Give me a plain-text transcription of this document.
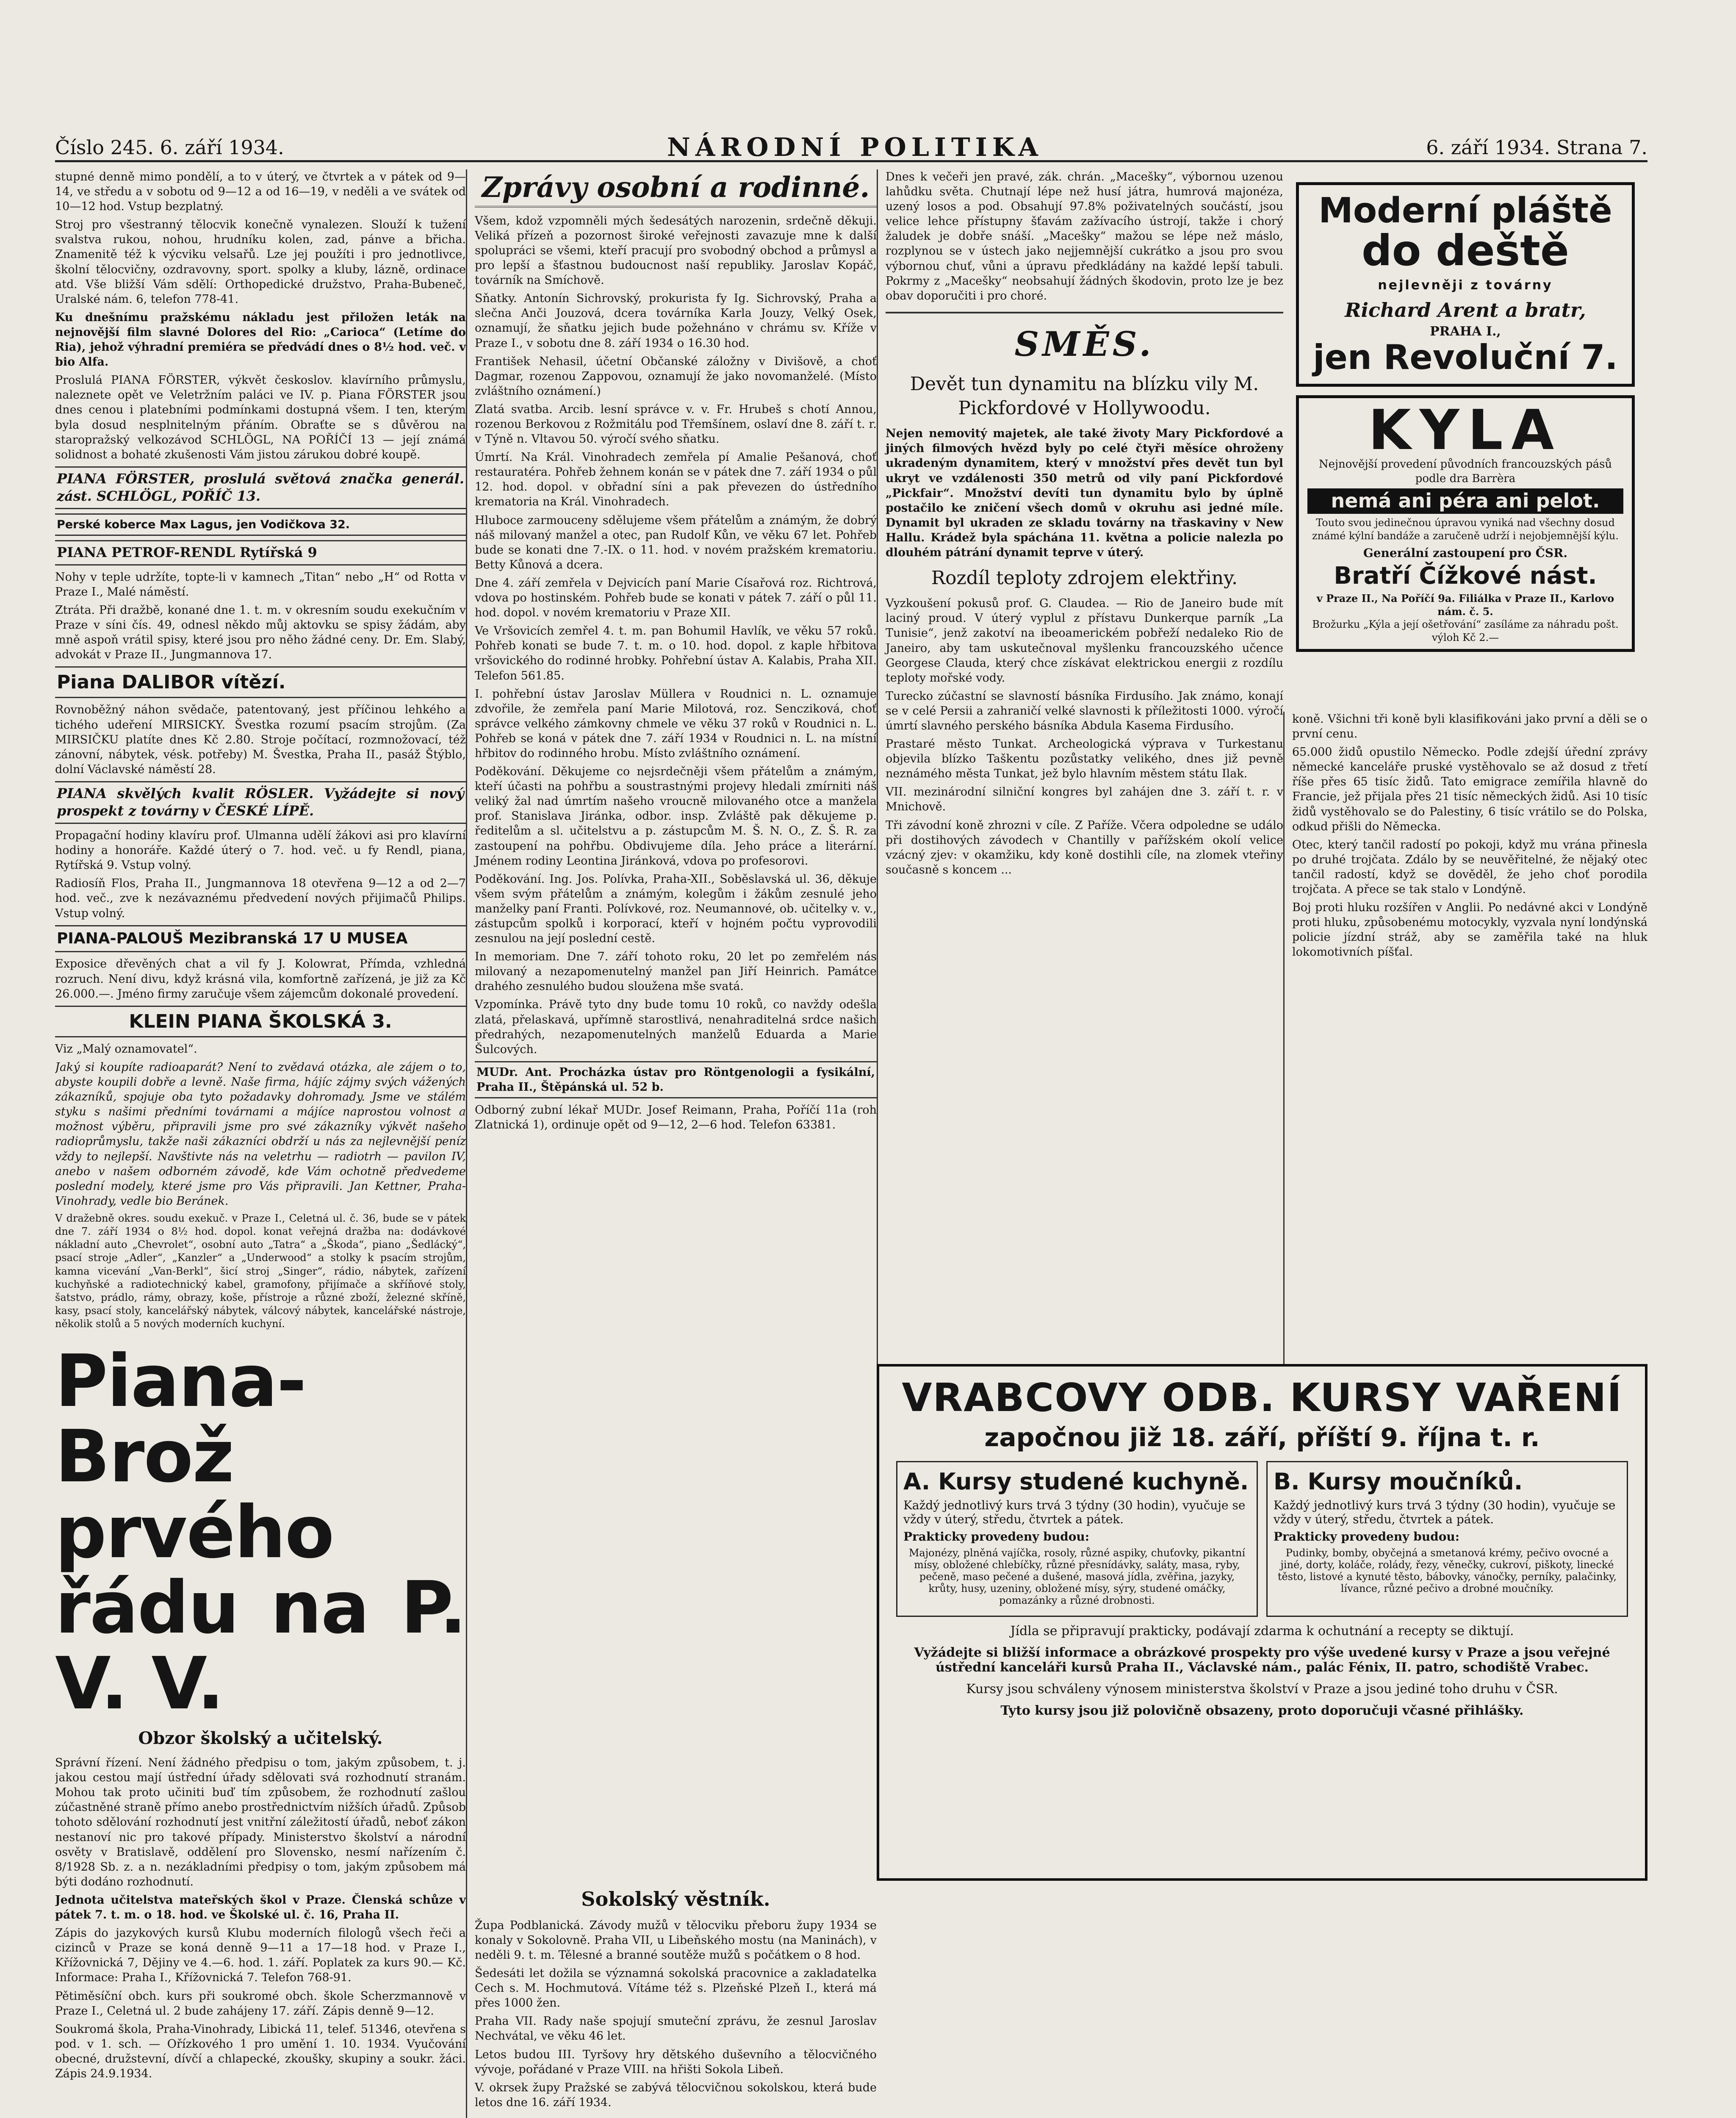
Číslo 245. 6. září 1934.	NÁRODNÍ POLITIKA	6. září 1934. Strana 7.

stupné denně mimo pondělí, a to v úterý, ve čtvrtek a v pátek od 9—14, ve středu a v sobotu od 9—12 a od 16—19, v neděli a ve svátek od 10—12 hod. Vstup bezplatný.

Stroj pro všestranný tělocvik konečně vynalezen. Slouží k tužení svalstva rukou, nohou, hrudníku kolen, zad, pánve a břicha. Znamenitě též k výcviku velsařů. Lze jej použíti i pro jednotlivce, školní tělocvičny, ozdravovny, sport. spolky a kluby, lázně, ordinace atd. Vše bližší Vám sdělí: Orthopedické družstvo, Praha-Bubeneč, Uralské nám. 6, telefon 778-41.

Ku dnešnímu pražskému nákladu jest přiložen leták na nejnovější film slavné Dolores del Rio: „Carioca“ (Letíme do Ria), jehož výhradní premiéra se předvádí dnes o 8½ hod. več. v bio Alfa.

Proslulá PIANA FÖRSTER, výkvět českoslov. klavírního průmyslu, naleznete opět ve Veletržním paláci ve IV. p. Piana FÖRSTER jsou dnes cenou i platebními podmínkami dostupná všem. I ten, kterým byla dosud nesplnitelným přáním. Obraťte se s důvěrou na staropražský velkozávod SCHLÖGL, NA POŘÍČÍ 13 — její známá solidnost a bohaté zkušenosti Vám jistou zárukou dobré koupě.

PIANA FÖRSTER, proslulá světová značka generál. zást. SCHLÖGL, POŘÍČ 13.
Perské koberce Max Lagus, jen Vodičkova 32.
PIANA PETROF-RENDL Rytířská 9

Nohy v teple udržíte, topte-li v kamnech „Titan“ nebo „H“ od Rotta v Praze I., Malé náměstí.

Ztráta. Při dražbě, konané dne 1. t. m. v okresním soudu exekučním v Praze v síni čís. 49, odnesl někdo můj aktovku se spisy žádám, aby mně aspoň vrátil spisy, které jsou pro něho žádné ceny. Dr. Em. Slabý, advokát v Praze II., Jungmannova 17.

Piana DALIBOR vítězí.

Rovnoběžný náhon svědače, patentovaný, jest příčinou lehkého a tichého udeření MIRSICKY. Švestka rozumí psacím strojům. (Za MIRSIČKU platíte dnes Kč 2.80. Stroje počítací, rozmnožovací, též zánovní, nábytek, vésk. potřeby) M. Švestka, Praha II., pasáž Štýblo, dolní Václavské náměstí 28.

PIANA skvělých kvalit RÖSLER. Vyžádejte si nový prospekt z továrny v ČESKÉ LÍPĚ.

Propagační hodiny klavíru prof. Ulmanna udělí žákovi asi pro klavírní hodiny a honoráře. Každé úterý o 7. hod. več. u fy Rendl, piana, Rytířská 9. Vstup volný.

Radiosíň Flos, Praha II., Jungmannova 18 otevřena 9—12 a od 2—7 hod. več., zve k nezávaznému předvedení nových přijimačů Philips. Vstup volný.

PIANA-PALOUŠ Mezibranská 17 U MUSEA

Exposice dřevěných chat a vil fy J. Kolowrat, Přímda, vzhledná rozruch. Není divu, když krásná vila, komfortně zařízená, je již za Kč 26.000.—. Jméno firmy zaručuje všem zájemcům dokonalé provedení.

KLEIN PIANA ŠKOLSKÁ 3.

Viz „Malý oznamovatel“.

Jaký si koupíte radioaparát? Není to zvědavá otázka, ale zájem o to, abyste koupili dobře a levně. Naše firma, hájíc zájmy svých vážených zákazníků, spojuje oba tyto požadavky dohromady. Jsme ve stálém styku s našimi předními továrnami a májíce naprostou volnost a možnost výběru, připravili jsme pro své zákazníky výkvět našeho radioprůmyslu, takže naši zákazníci obdrží u nás za nejlevnější peníz vždy to nejlepší. Navštivte nás na veletrhu — radiotrh — pavilon IV, anebo v našem odborném závodě, kde Vám ochotně předvedeme poslední modely, které jsme pro Vás připravili. Jan Kettner, Praha-Vinohrady, vedle bio Beránek.

V dražebně okres. soudu exekuč. v Praze I., Celetná ul. č. 36, bude se v pátek dne 7. září 1934 o 8½ hod. dopol. konat veřejná dražba na: dodávkové nákladní auto „Chevrolet“, osobní auto „Tatra“ a „Škoda“, piano „Šedlácký“, psací stroje „Adler“, „Kanzler“ a „Underwood“ a stolky k psacím strojům, kamna vicevání „Van-Berkl“, šicí stroj „Singer“, rádio, nábytek, zařízení kuchyňské a radiotechnický kabel, gramofony, přijímače a skříňové stoly, šatstvo, prádlo, rámy, obrazy, koše, přístroje a různé zboží, železné skříně, kasy, psací stoly, kancelářský nábytek, válcový nábytek, kancelářské nástroje, několik stolů a 5 nových moderních kuchyní.

Piana-Brož prvého řádu na P. V. V.
Obzor školský a učitelský.

Správní řízení. Není žádného předpisu o tom, jakým způsobem, t. j. jakou cestou mají ústřední úřady sdělovati svá rozhodnutí stranám. Mohou tak proto učiniti buď tím způsobem, že rozhodnutí zašlou zúčastněné straně přímo anebo prostřednictvím nižších úřadů. Způsob tohoto sdělování rozhodnutí jest vnitřní záležitostí úřadů, neboť zákon nestanoví nic pro takové případy. Ministerstvo školství a národní osvěty v Bratislavě, oddělení pro Slovensko, nesmí nařízením č. 8/1928 Sb. z. a n. nezákladními předpisy o tom, jakým způsobem má býti dodáno rozhodnutí.

Jednota učitelstva mateřských škol v Praze. Členská schůze v pátek 7. t. m. o 18. hod. ve Školské ul. č. 16, Praha II.

Zápis do jazykových kursů Klubu moderních filologů všech řeči a cizinců v Praze se koná denně 9—11 a 17—18 hod. v Praze I., Křížovnická 7, Dějiny ve 4.—6. hod. 1. září. Poplatek za kurs 90.— Kč. Informace: Praha I., Křížovnická 7. Telefon 768-91.

Pětiměsíční obch. kurs při soukromé obch. škole Scherzmannově v Praze I., Celetná ul. 2 bude zahájeny 17. září. Zápis denně 9—12.

Soukromá škola, Praha-Vinohrady, Libická 11, telef. 51346, otevřena s pod. v 1. sch. — Ořízkového 1 pro umění 1. 10. 1934. Vyučování obecné, družstevní, dívčí a chlapecké, zkoušky, skupiny a soukr. žáci. Zápis 24.9.1934.

Zprávy osobní a rodinné.

Všem, kdož vzpomněli mých šedesátých narozenin, srdečně děkuji. Veliká přízeň a pozornost široké veřejnosti zavazuje mne k další spolupráci se všemi, kteří pracují pro svobodný obchod a průmysl a pro lepší a šťastnou budoucnost naší republiky. Jaroslav Kopáč, továrník na Smíchově.

Sňatky. Antonín Sichrovský, prokurista fy Ig. Sichrovský, Praha a slečna Anči Jouzová, dcera továrníka Karla Jouzy, Velký Osek, oznamují, že sňatku jejich bude požehnáno v chrámu sv. Kříže v Praze I., v sobotu dne 8. září 1934 o 16.30 hod.

František Nehasil, účetní Občanské záložny v Divišově, a choť Dagmar, rozenou Zappovou, oznamují že jako novomanželé. (Místo zvláštního oznámení.)

Zlatá svatba. Arcib. lesní správce v. v. Fr. Hrubeš s chotí Annou, rozenou Berkovou z Rožmitálu pod Třemšínem, oslaví dne 8. září t. r. v Týně n. Vltavou 50. výročí svého sňatku.

Úmrtí. Na Král. Vinohradech zemřela pí Amalie Pešanová, choť restauratéra. Pohřeb žehnem konán se v pátek dne 7. září 1934 o půl 12. hod. dopol. v obřadní síni a pak převezen do ústředního krematoria na Král. Vinohradech.

Hlubocе zarmouceny sdělujeme všem přátelům a známým, že dobrý náš milovaný manžel a otec, pan Rudolf Kůn, ve věku 67 let. Pohřeb bude se konati dne 7.-IX. o 11. hod. v novém pražském krematoriu. Betty Kůnová a dcera.

Dne 4. září zemřela v Dejvicích paní Marie Císařová roz. Richtrová, vdova po hostinském. Pohřeb bude se konati v pátek 7. září o půl 11. hod. dopol. v novém krematoriu v Praze XII.

Ve Vršovicích zemřel 4. t. m. pan Bohumil Havlík, ve věku 57 roků. Pohřeb konati se bude 7. t. m. o 10. hod. dopol. z kaple hřbitova vršovického do rodinné hrobky. Pohřební ústav A. Kalabis, Praha XII. Telefon 561.85.

I. pohřební ústav Jaroslav Müllera v Roudnici n. L. oznamuje zdvořile, že zemřela paní Marie Milotová, roz. Sencziková, choť správce velkého zámkovny chmele ve věku 37 roků v Roudnici n. L. Pohřeb se koná v pátek dne 7. září 1934 v Roudnici n. L. na místní hřbitov do rodinného hrobu. Místo zvláštního oznámení.

Poděkování. Děkujeme co nejsrdečněji všem přátelům a známým, kteří účasti na pohřbu a soustrastnými projevy hledali zmírniti náš veliký žal nad úmrtím našeho vroucně milovaného otce a manžela prof. Stanislava Jiránka, odbor. insp. Zvláště pak děkujeme p. ředitelům a sl. učitelstvu a p. zástupcům M. Š. N. O., Z. Š. R. za zastoupení na pohřbu. Obdivujeme díla. Jeho práce a literární. Jménem rodiny Leontina Jiránková, vdova po profesorovi.

Poděkování. Ing. Jos. Polívka, Praha-XII., Soběslavská ul. 36, děkuje všem svým přátelům a známým, kolegům i žákům zesnulé jeho manželky paní Franti. Polívkové, roz. Neumannové, ob. učitelky v. v., zástupcům spolků i korporací, kteří v hojném počtu vyprovodili zesnulou na její poslední cestě.

In memoriam. Dne 7. září tohoto roku, 20 let po zemřelém nás milovaný a nezapomenutelný manžel pan Jiří Heinrich. Památce drahého zesnulého budou sloužena mše svatá.

Vzpomínka. Právě tyto dny bude tomu 10 roků, co navždy odešla zlatá, přelaskavá, upřímně starostlivá, nenahraditelná srdce našich předrahých, nezapomenutelných manželů Eduarda a Marie Šulcových.

MUDr. Ant. Procházka ústav pro Röntgenologii a fysikální, Praha II., Štěpánská ul. 52 b.

Odborný zubní lékař MUDr. Josef Reimann, Praha, Poříčí 11a (roh Zlatnická 1), ordinuje opět od 9—12, 2—6 hod. Telefon 63381.

Sokolský věstník.

Župa Podblanická. Závody mužů v tělocviku přeboru župy 1934 se konaly v Sokolovně. Praha VII, u Libeňského mostu (na Maninách), v neděli 9. t. m. Tělesné a branné soutěže mužů s počátkem o 8 hod.

Šedesáti let dožila se významná sokolská pracovnice a zakladatelka Cech s. M. Hochmutová. Vítáme též s. Plzeňské Plzeň I., která má přes 1000 žen.

Praha VII. Rady naše spojují smuteční zprávu, že zesnul Jaroslav Nechvátal, ve věku 46 let.

Letos budou III. Tyršovy hry dětského duševního a tělocvičného vývoje, pořádané v Praze VIII. na hřišti Sokola Libeň.

V. okrsek župy Pražské se zabývá tělocvičnou sokolskou, která bude letos dne 16. září 1934.

Dnes k večeři jen pravé, zák. chrán. „Macešky“, výbornou uzenou lahůdku světa. Chutnají lépe než husí játra, humrová majonéza, uzený losos a pod. Obsahují 97.8% poživatelných součástí, jsou velice lehce přístupny šťavám zažívacího ústrojí, takže i chorý žaludek je dobře snáší. „Macešky“ mažou se lépe než máslo, rozplynou se v ústech jako nejjemnější cukrátko a jsou pro svou výbornou chuť, vůni a úpravu předkládány na každé lepší tabuli. Pokrmy z „Macešky“ neobsahují žádných škodovin, proto lze je bez obav doporučiti i pro choré.

SMĚS.
Devět tun dynamitu na blízku vily M. Pickfordové v Hollywoodu.

Nejen nemovitý majetek, ale také životy Mary Pickfordové a jiných filmových hvězd byly po celé čtyři měsíce ohroženy ukradeným dynamitem, který v množství přes devět tun byl ukryt ve vzdálenosti 350 metrů od vily paní Pickfordové „Pickfair“. Množství devíti tun dynamitu bylo by úplně postačilo ke zničení všech domů v okruhu asi jedné míle. Dynamit byl ukraden ze skladu továrny na třaskaviny v New Hallu. Krádež byla spáchána 11. května a policie nalezla po dlouhém pátrání dynamit teprve v úterý.

Rozdíl teploty zdrojem elektřiny.

Vyzkoušení pokusů prof. G. Claudea. — Rio de Janeiro bude mít laciný proud. V úterý vyplul z přístavu Dunkerque parník „La Tunisie“, jenž zakotví na ibeoamerickém pobřeží nedaleko Rio de Janeiro, aby tam uskutečnoval myšlenku francouzského učence Georgese Clauda, který chce získávat elektrickou energii z rozdílu teploty mořské vody.

Turecko zúčastní se slavností básníka Firdusího. Jak známo, konají se v celé Persii a zahraničí velké slavnosti k příležitosti 1000. výročí úmrtí slavného perského básníka Abdula Kasema Firdusího.

Prastaré město Tunkat. Archeologická výprava v Turkestanu objevila blízko Taškentu pozůstatky velikého, dnes již pevně neznámého města Tunkat, jež bylo hlavním městem státu Ilak.

VII. mezinárodní silniční kongres byl zahájen dne 3. září t. r. v Mnichově.

Tři závodní koně zhrozni v cíle. Z Paříže. Včera odpoledne se událo při dostihových závodech v Chantilly v pařížském okolí velice vzácný zjev: v okamžiku, kdy koně dostihli cíle, na zlomek vteřiny současně s koncem ...

Moderní pláště
do deště
nejlevněji z továrny
Richard Arent a bratr,
PRAHA I.,
jen Revoluční 7.
KYLA
Nejnovější provedení původních francouzských pásů podle dra Barrèra
nemá ani péra ani pelot.
Touto svou jedinečnou úpravou vyniká nad všechny dosud známé kýlní bandáže a zaručeně udrží i nejobjemnější kýlu.
Generální zastoupení pro ČSR.
Bratří Čížkové nást.
v Praze II., Na Poříčí 9a. Filiálka v Praze II., Karlovo nám. č. 5.
Brožurku „Kýla a její ošetřování“ zasíláme za náhradu pošt. výloh Kč 2.—

koně. Všichni tři koně byli klasifikováni jako první a děli se o první cenu.

65.000 židů opustilo Německo. Podle zdejší úřední zprávy německé kanceláře pruské vystěhovalo se až dosud z třetí říše přes 65 tisíc židů. Tato emigrace zemířila hlavně do Francie, jež přijala přes 21 tisíc německých židů. Asi 10 tisíc židů vystěhovalo se do Palestiny, 6 tisíc vrátilo se do Polska, odkud přišli do Německa.

Otec, který tančil radostí po pokoji, když mu vrána přinesla po druhé trojčata. Zdálo by se neuvěřitelné, že nějaký otec tančil radostí, když se dověděl, že jeho choť porodila trojčata. A přece se tak stalo v Londýně.

Boj proti hluku rozšířen v Anglii. Po nedávné akci v Londýně proti hluku, způsobenému motocykly, vyzvala nyní londýnská policie jízdní stráž, aby se zaměřila také na hluk lokomotivních píšťal.

VRABCOVY ODB. KURSY VAŘENÍ
započnou již 18. září, příští 9. října t. r.
A. Kursy studené kuchyně.

Každý jednotlivý kurs trvá 3 týdny (30 hodin), vyučuje se vždy v úterý, středu, čtvrtek a pátek.

Prakticky provedeny budou:

Majonézy, plněná vajíčka, rosoly, různé aspiky, chuťovky, pikantní mísy, obložené chlebíčky, různé přesnídávky, saláty, masa, ryby, pečeně, maso pečené a dušené, masová jídla, zvěřina, jazyky, krůty, husy, uzeniny, obložené mísy, sýry, studené omáčky, pomazánky a různé drobnosti.

B. Kursy moučníků.

Každý jednotlivý kurs trvá 3 týdny (30 hodin), vyučuje se vždy v úterý, středu, čtvrtek a pátek.

Prakticky provedeny budou:

Pudinky, bomby, obyčejná a smetanová krémy, pečivo ovocné a jiné, dorty, koláče, rolády, řezy, věnečky, cukroví, piškoty, linecké těsto, listové a kynuté těsto, bábovky, vánočky, perníky, palačinky, lívance, různé pečivo a drobné moučníky.

Jídla se připravují prakticky, podávají zdarma k ochutnání a recepty se diktují.
Vyžádejte si bližší informace a obrázkové prospekty pro výše uvedené kursy v Praze a jsou veřejné ústřední kanceláři kursů Praha II., Václavské nám., palác Fénix, II. patro, schodiště Vrabec.
Kursy jsou schváleny výnosem ministerstva školství v Praze a jsou jediné toho druhu v ČSR.
Tyto kursy jsou již polovičně obsazeny, proto doporučuji včasné přihlášky.
